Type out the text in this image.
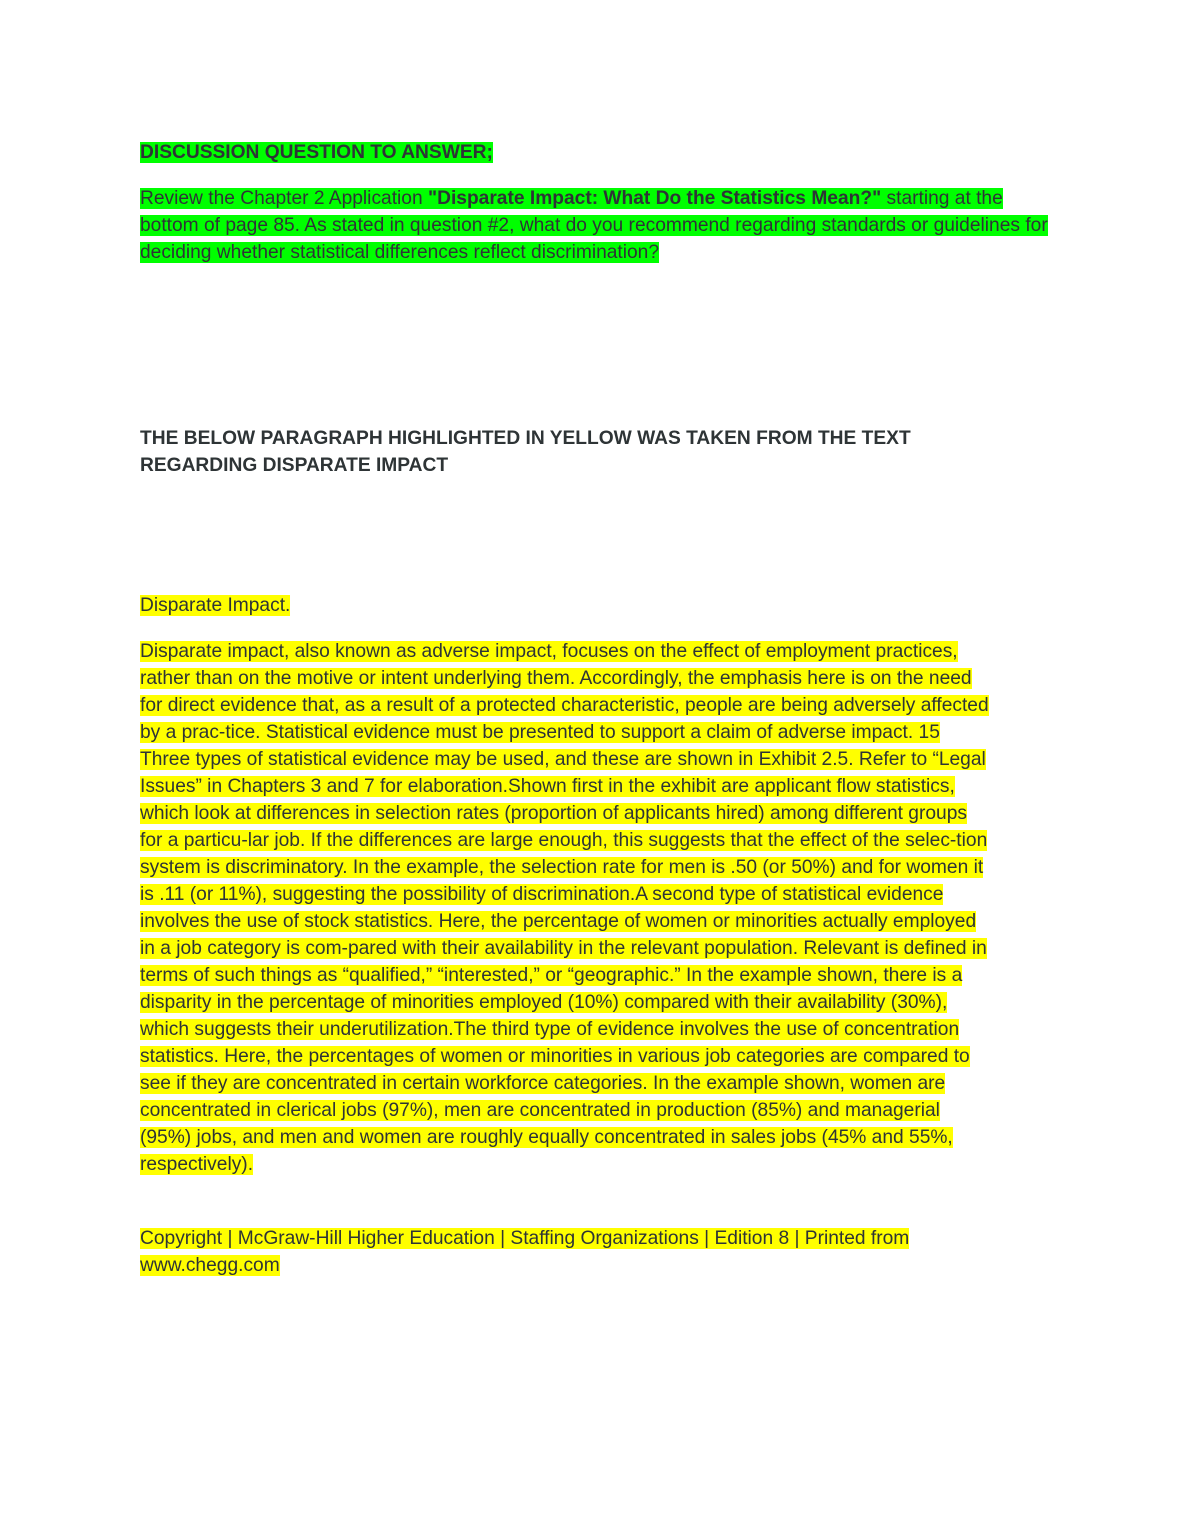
DISCUSSION QUESTION TO ANSWER;

Review the Chapter 2 Application "Disparate Impact: What Do the Statistics Mean?" starting at the bottom of page 85. As stated in question #2, what do you recommend regarding standards or guidelines for deciding whether statistical differences reflect discrimination?

THE BELOW PARAGRAPH HIGHLIGHTED IN YELLOW WAS TAKEN FROM THE TEXT
REGARDING DISPARATE IMPACT

Disparate Impact.

Disparate impact, also known as adverse impact, focuses on the effect of employment practices,
rather than on the motive or intent underlying them. Accordingly, the emphasis here is on the need
for direct evidence that, as a result of a protected characteristic, people are being adversely affected
by a prac-tice. Statistical evidence must be presented to support a claim of adverse impact. 15
Three types of statistical evidence may be used, and these are shown in Exhibit 2.5. Refer to “Legal
Issues” in Chapters 3 and 7 for elaboration.Shown first in the exhibit are applicant flow statistics,
which look at differences in selection rates (proportion of applicants hired) among different groups
for a particu-lar job. If the differences are large enough, this suggests that the effect of the selec-tion
system is discriminatory. In the example, the selection rate for men is .50 (or 50%) and for women it
is .11 (or 11%), suggesting the possibility of discrimination.A second type of statistical evidence
involves the use of stock statistics. Here, the percentage of women or minorities actually employed
in a job category is com-pared with their availability in the relevant population. Relevant is defined in
terms of such things as “qualified,” “interested,” or “geographic.” In the example shown, there is a
disparity in the percentage of minorities employed (10%) compared with their availability (30%),
which suggests their underutilization.The third type of evidence involves the use of concentration
statistics. Here, the percentages of women or minorities in various job categories are compared to
see if they are concentrated in certain workforce categories. In the example shown, women are
concentrated in clerical jobs (97%), men are concentrated in production (85%) and managerial
(95%) jobs, and men and women are roughly equally concentrated in sales jobs (45% and 55%,
respectively).
Copyright | McGraw-Hill Higher Education | Staffing Organizations | Edition 8 | Printed from
www.chegg.com
